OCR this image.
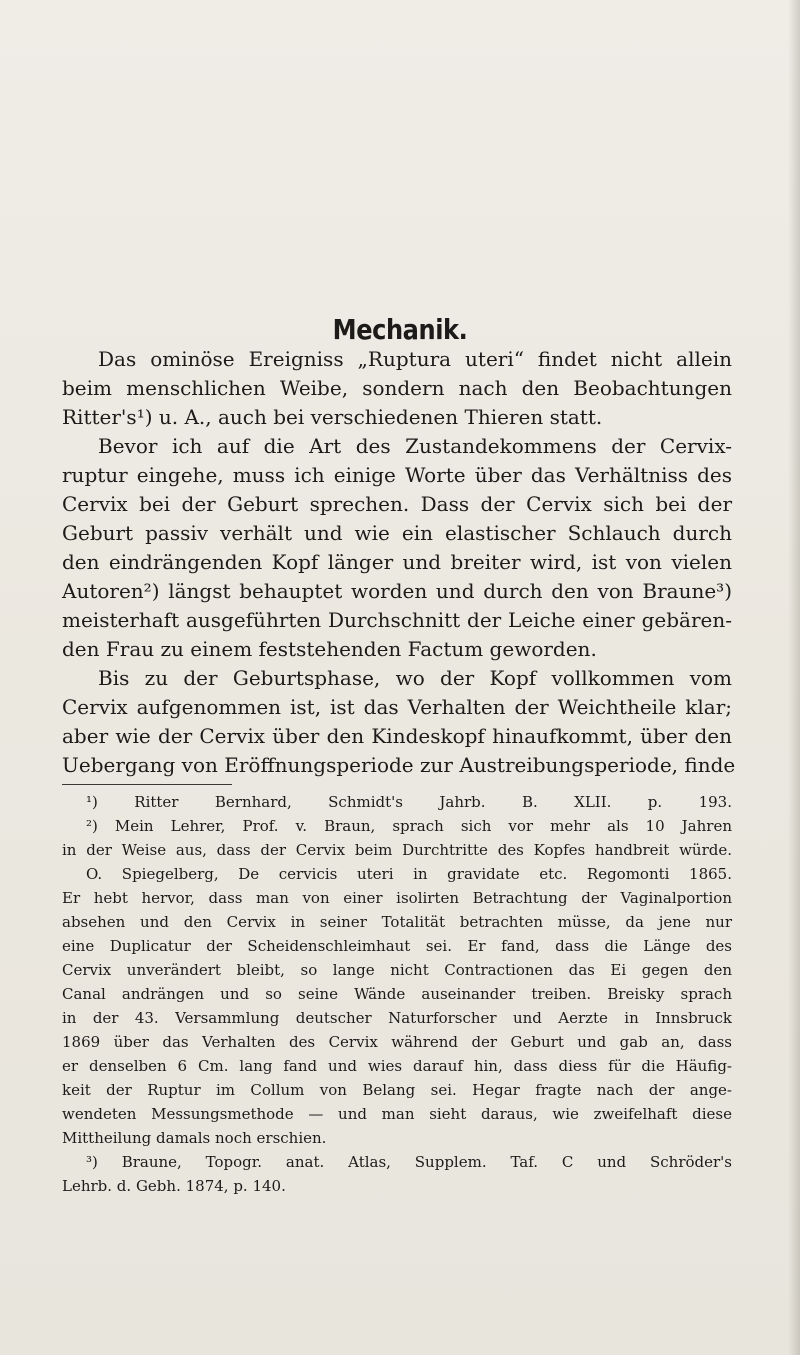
Mechanik.
Das ominöse Ereigniss „Ruptura uteri“ findet nicht allein
beim menschlichen Weibe, sondern nach den Beobachtungen
Ritter's¹) u. A., auch bei verschiedenen Thieren statt.
Bevor ich auf die Art des Zustandekommens der Cervix-
ruptur eingehe, muss ich einige Worte über das Verhältniss des
Cervix bei der Geburt sprechen. Dass der Cervix sich bei der
Geburt passiv verhält und wie ein elastischer Schlauch durch
den eindrängenden Kopf länger und breiter wird, ist von vielen
Autoren²) längst behauptet worden und durch den von Braune³)
meisterhaft ausgeführten Durchschnitt der Leiche einer gebären-
den Frau zu einem feststehenden Factum geworden.
Bis zu der Geburtsphase, wo der Kopf vollkommen vom
Cervix aufgenommen ist, ist das Verhalten der Weichtheile klar;
aber wie der Cervix über den Kindeskopf hinaufkommt, über den
Uebergang von Eröffnungsperiode zur Austreibungsperiode, finde
¹) Ritter Bernhard, Schmidt's Jahrb. B. XLII. p. 193.
²) Mein Lehrer, Prof. v. Braun, sprach sich vor mehr als 10 Jahren
in der Weise aus, dass der Cervix beim Durchtritte des Kopfes handbreit würde.
O. Spiegelberg, De cervicis uteri in gravidate etc. Regomonti 1865.
Er hebt hervor, dass man von einer isolirten Betrachtung der Vaginalportion
absehen und den Cervix in seiner Totalität betrachten müsse, da jene nur
eine Duplicatur der Scheidenschleimhaut sei. Er fand, dass die Länge des
Cervix unverändert bleibt, so lange nicht Contractionen das Ei gegen den
Canal andrängen und so seine Wände auseinander treiben. Breisky sprach
in der 43. Versammlung deutscher Naturforscher und Aerzte in Innsbruck
1869 über das Verhalten des Cervix während der Geburt und gab an, dass
er denselben 6 Cm. lang fand und wies darauf hin, dass diess für die Häufig-
keit der Ruptur im Collum von Belang sei. Hegar fragte nach der ange-
wendeten Messungsmethode — und man sieht daraus, wie zweifelhaft diese
Mittheilung damals noch erschien.
³) Braune, Topogr. anat. Atlas, Supplem. Taf. C und Schröder's
Lehrb. d. Gebh. 1874, p. 140.
